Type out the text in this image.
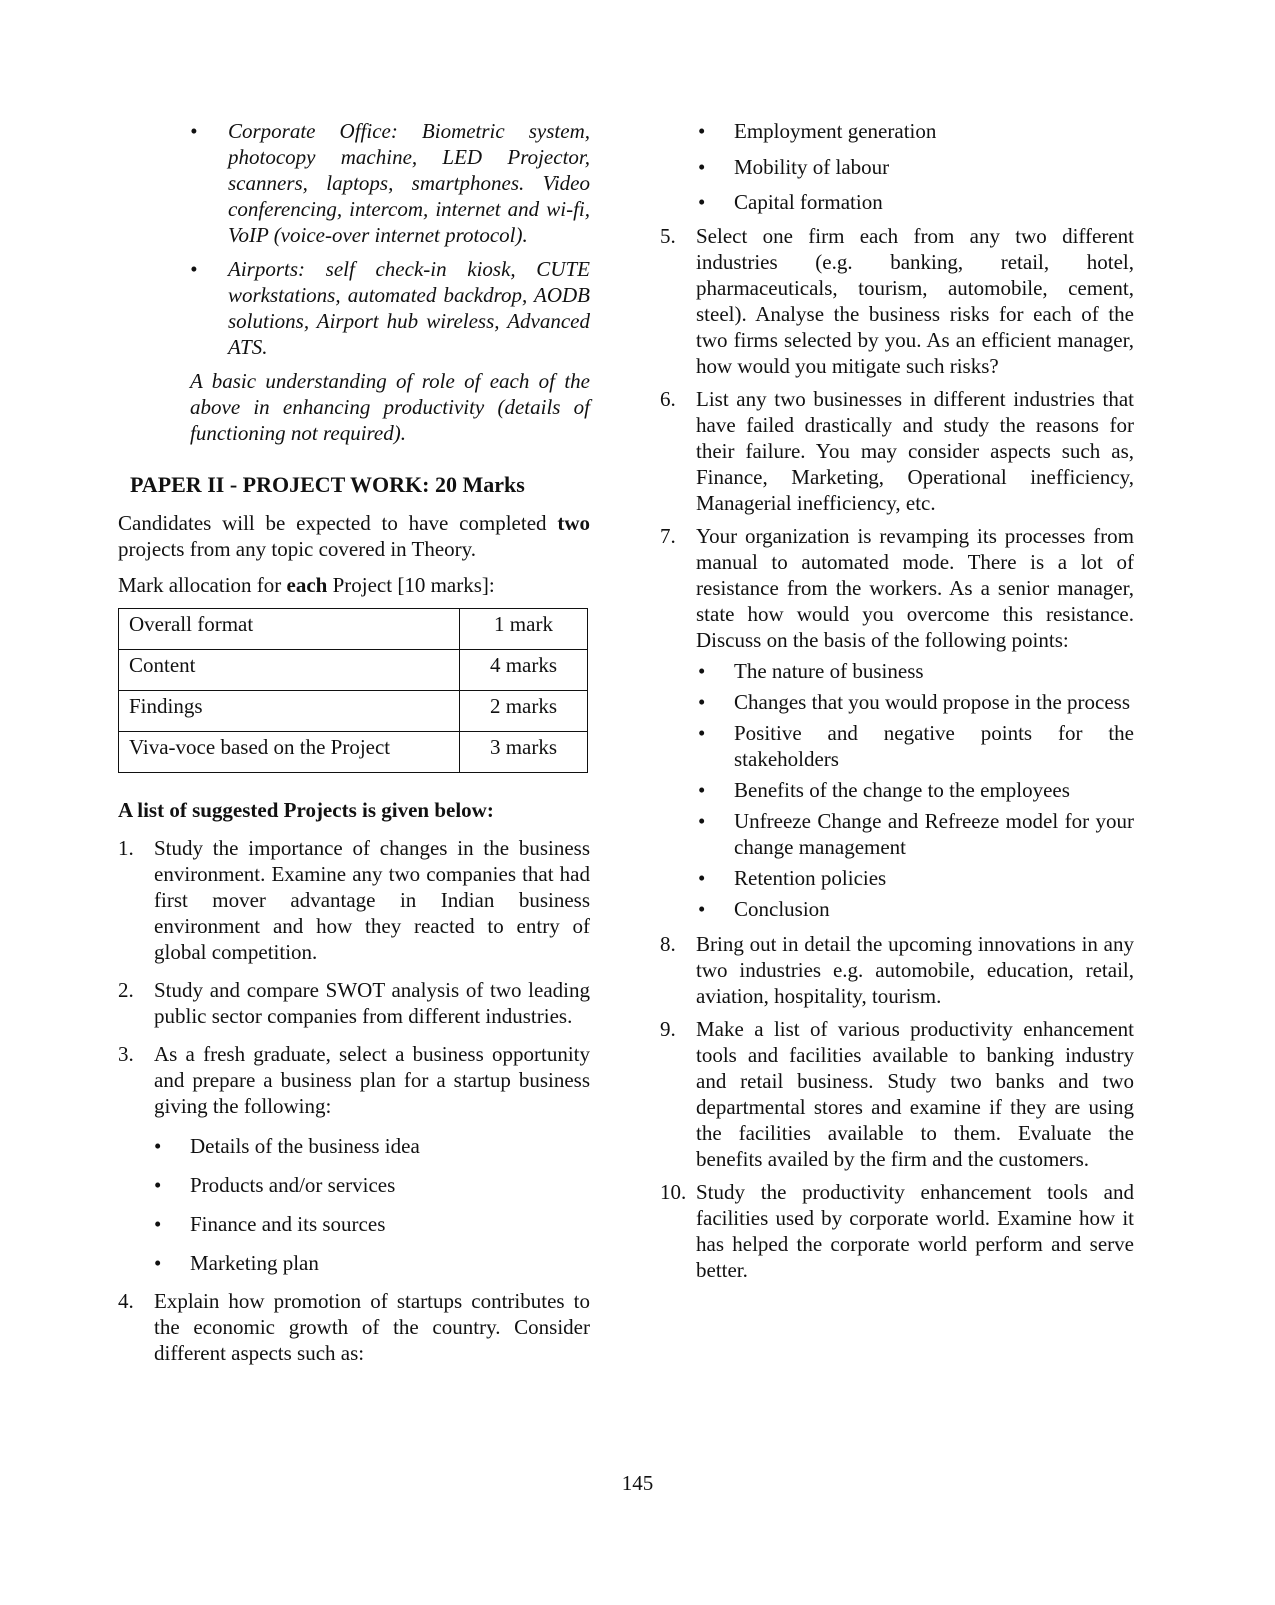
• Corporate Office: Biometric system, photocopy machine, LED Projector, scanners, laptops, smartphones. Video conferencing, intercom, internet and wi-fi, VoIP (voice-over internet protocol).
• Airports: self check-in kiosk, CUTE workstations, automated backdrop, AODB solutions, Airport hub wireless, Advanced ATS.

A basic understanding of role of each of the above in enhancing productivity (details of functioning not required).

PAPER II - PROJECT WORK: 20 Marks

Candidates will be expected to have completed two projects from any topic covered in Theory.

Mark allocation for each Project [10 marks]:

Overall format	1 mark
Content	4 marks
Findings	2 marks
Viva-voce based on the Project	3 marks

A list of suggested Projects is given below:

1. Study the importance of changes in the business environment. Examine any two companies that had first mover advantage in Indian business environment and how they reacted to entry of global competition.
2. Study and compare SWOT analysis of two leading public sector companies from different industries.
3. As a fresh graduate, select a business opportunity and prepare a business plan for a startup business giving the following:
• Details of the business idea
• Products and/or services
• Finance and its sources
• Marketing plan
4. Explain how promotion of startups contributes to the economic growth of the country. Consider different aspects such as:
• Employment generation
• Mobility of labour
• Capital formation
5. Select one firm each from any two different industries (e.g. banking, retail, hotel, pharmaceuticals, tourism, automobile, cement, steel). Analyse the business risks for each of the two firms selected by you. As an efficient manager, how would you mitigate such risks?
6. List any two businesses in different industries that have failed drastically and study the reasons for their failure. You may consider aspects such as, Finance, Marketing, Operational inefficiency, Managerial inefficiency, etc.
7. Your organization is revamping its processes from manual to automated mode. There is a lot of resistance from the workers. As a senior manager, state how would you overcome this resistance. Discuss on the basis of the following points:
• The nature of business
• Changes that you would propose in the process
• Positive and negative points for the stakeholders
• Benefits of the change to the employees
• Unfreeze Change and Refreeze model for your change management
• Retention policies
• Conclusion
8. Bring out in detail the upcoming innovations in any two industries e.g. automobile, education, retail, aviation, hospitality, tourism.
9. Make a list of various productivity enhancement tools and facilities available to banking industry and retail business. Study two banks and two departmental stores and examine if they are using the facilities available to them. Evaluate the benefits availed by the firm and the customers.
10. Study the productivity enhancement tools and facilities used by corporate world. Examine how it has helped the corporate world perform and serve better.
145
